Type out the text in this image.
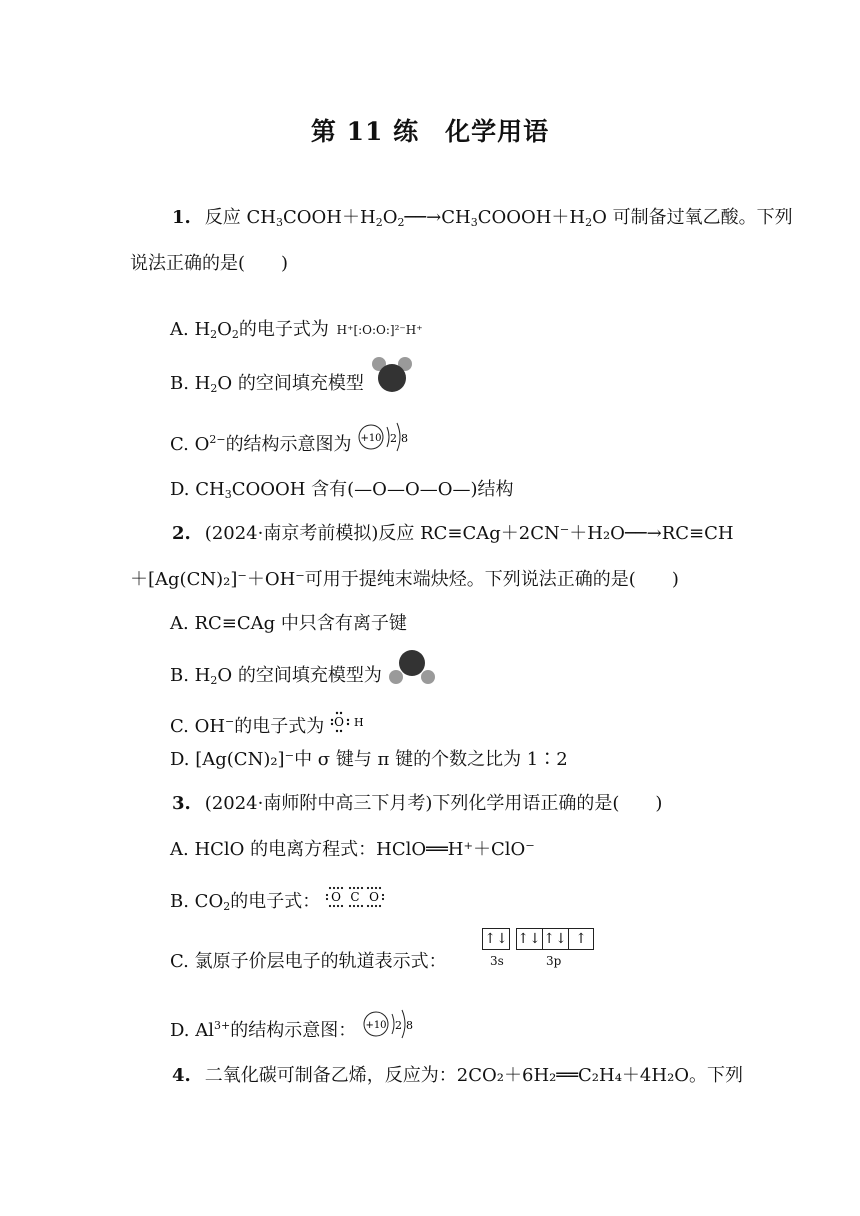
第 11 练　化学用语
1. 反应 $CH_3COOH+H_2O_2──\to CH_3COOOH+H_2O$ 可制备过氧乙酸。下列
说法正确的是(　　)
A. $H_2O_2$的电子式为 H⁺[:O:O:]²⁻H⁺
B. $H_2O$ 的空间填充模型
C. $O^{2-}$的结构示意图为 +10 2 8
D. $CH_3COOOH$ 含有(—O—O—O—)结构
2. (2024·南京考前模拟)反应 RC≡CAg＋2CN⁻＋H₂O──→RC≡CH
＋[Ag(CN)₂]⁻＋OH⁻可用于提纯末端炔烃。下列说法正确的是(　　)
A. RC≡CAg 中只含有离子键
B. $H_2O$ 的空间填充模型为
C. OH−的电子式为 O H
D. [Ag(CN)₂]⁻中 σ 键与 π 键的个数之比为 1∶2
3. (2024·南师附中高三下月考)下列化学用语正确的是(　　)
A. HClO 的电离方程式：HClO══H⁺＋ClO⁻
B. $CO_2$的电子式： O C O
C. 氯原子价层电子的轨道表示式：
↑↓ ↑↓ ↑↓ ↑
3s	3p
D. $Al^{3+}$的结构示意图： +10 2 8
4. 二氧化碳可制备乙烯，反应为：2CO₂＋6H₂══C₂H₄＋4H₂O。下列
